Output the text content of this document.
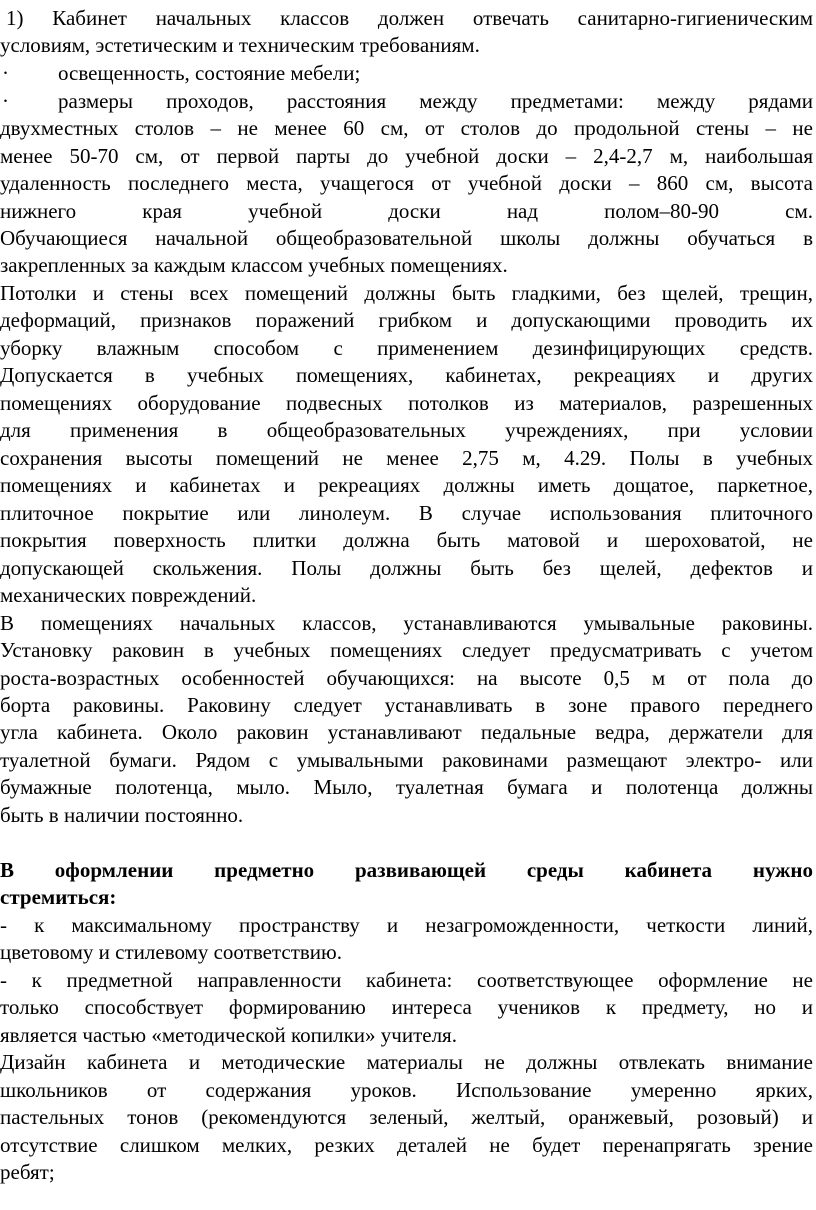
1) Кабинет начальных классов должен отвечать санитарно-гигиеническим
условиям, эстетическим и техническим требованиям.
· освещенность, состояние мебели;
· размеры проходов, расстояния между предметами: между рядами
двухместных столов – не менее 60 см, от столов до продольной стены – не
менее 50-70 см, от первой парты до учебной доски – 2,4-2,7 м, наибольшая
удаленность последнего места, учащегося от учебной доски – 860 см, высота
нижнего края учебной доски над полом–80-90 см.
Обучающиеся начальной общеобразовательной школы должны обучаться в
закрепленных за каждым классом учебных помещениях.
Потолки и стены всех помещений должны быть гладкими, без щелей, трещин,
деформаций, признаков поражений грибком и допускающими проводить их
уборку влажным способом с применением дезинфицирующих средств.
Допускается в учебных помещениях, кабинетах, рекреациях и других
помещениях оборудование подвесных потолков из материалов, разрешенных
для применения в общеобразовательных учреждениях, при условии
сохранения высоты помещений не менее 2,75 м, 4.29. Полы в учебных
помещениях и кабинетах и рекреациях должны иметь дощатое, паркетное,
плиточное покрытие или линолеум. В случае использования плиточного
покрытия поверхность плитки должна быть матовой и шероховатой, не
допускающей скольжения. Полы должны быть без щелей, дефектов и
механических повреждений.
В помещениях начальных классов, устанавливаются умывальные раковины.
Установку раковин в учебных помещениях следует предусматривать с учетом
роста-возрастных особенностей обучающихся: на высоте 0,5 м от пола до
борта раковины. Раковину следует устанавливать в зоне правого переднего
угла кабинета. Около раковин устанавливают педальные ведра, держатели для
туалетной бумаги. Рядом с умывальными раковинами размещают электро- или
бумажные полотенца, мыло. Мыло, туалетная бумага и полотенца должны
быть в наличии постоянно.
В оформлении предметно развивающей среды кабинета нужно
стремиться:
- к максимальному пространству и незагроможденности, четкости линий,
цветовому и стилевому соответствию.
- к предметной направленности кабинета: соответствующее оформление не
только способствует формированию интереса учеников к предмету, но и
является частью «методической копилки» учителя.
Дизайн кабинета и методические материалы не должны отвлекать внимание
школьников от содержания уроков. Использование умеренно ярких,
пастельных тонов (рекомендуются зеленый, желтый, оранжевый, розовый) и
отсутствие слишком мелких, резких деталей не будет перенапрягать зрение
ребят;
